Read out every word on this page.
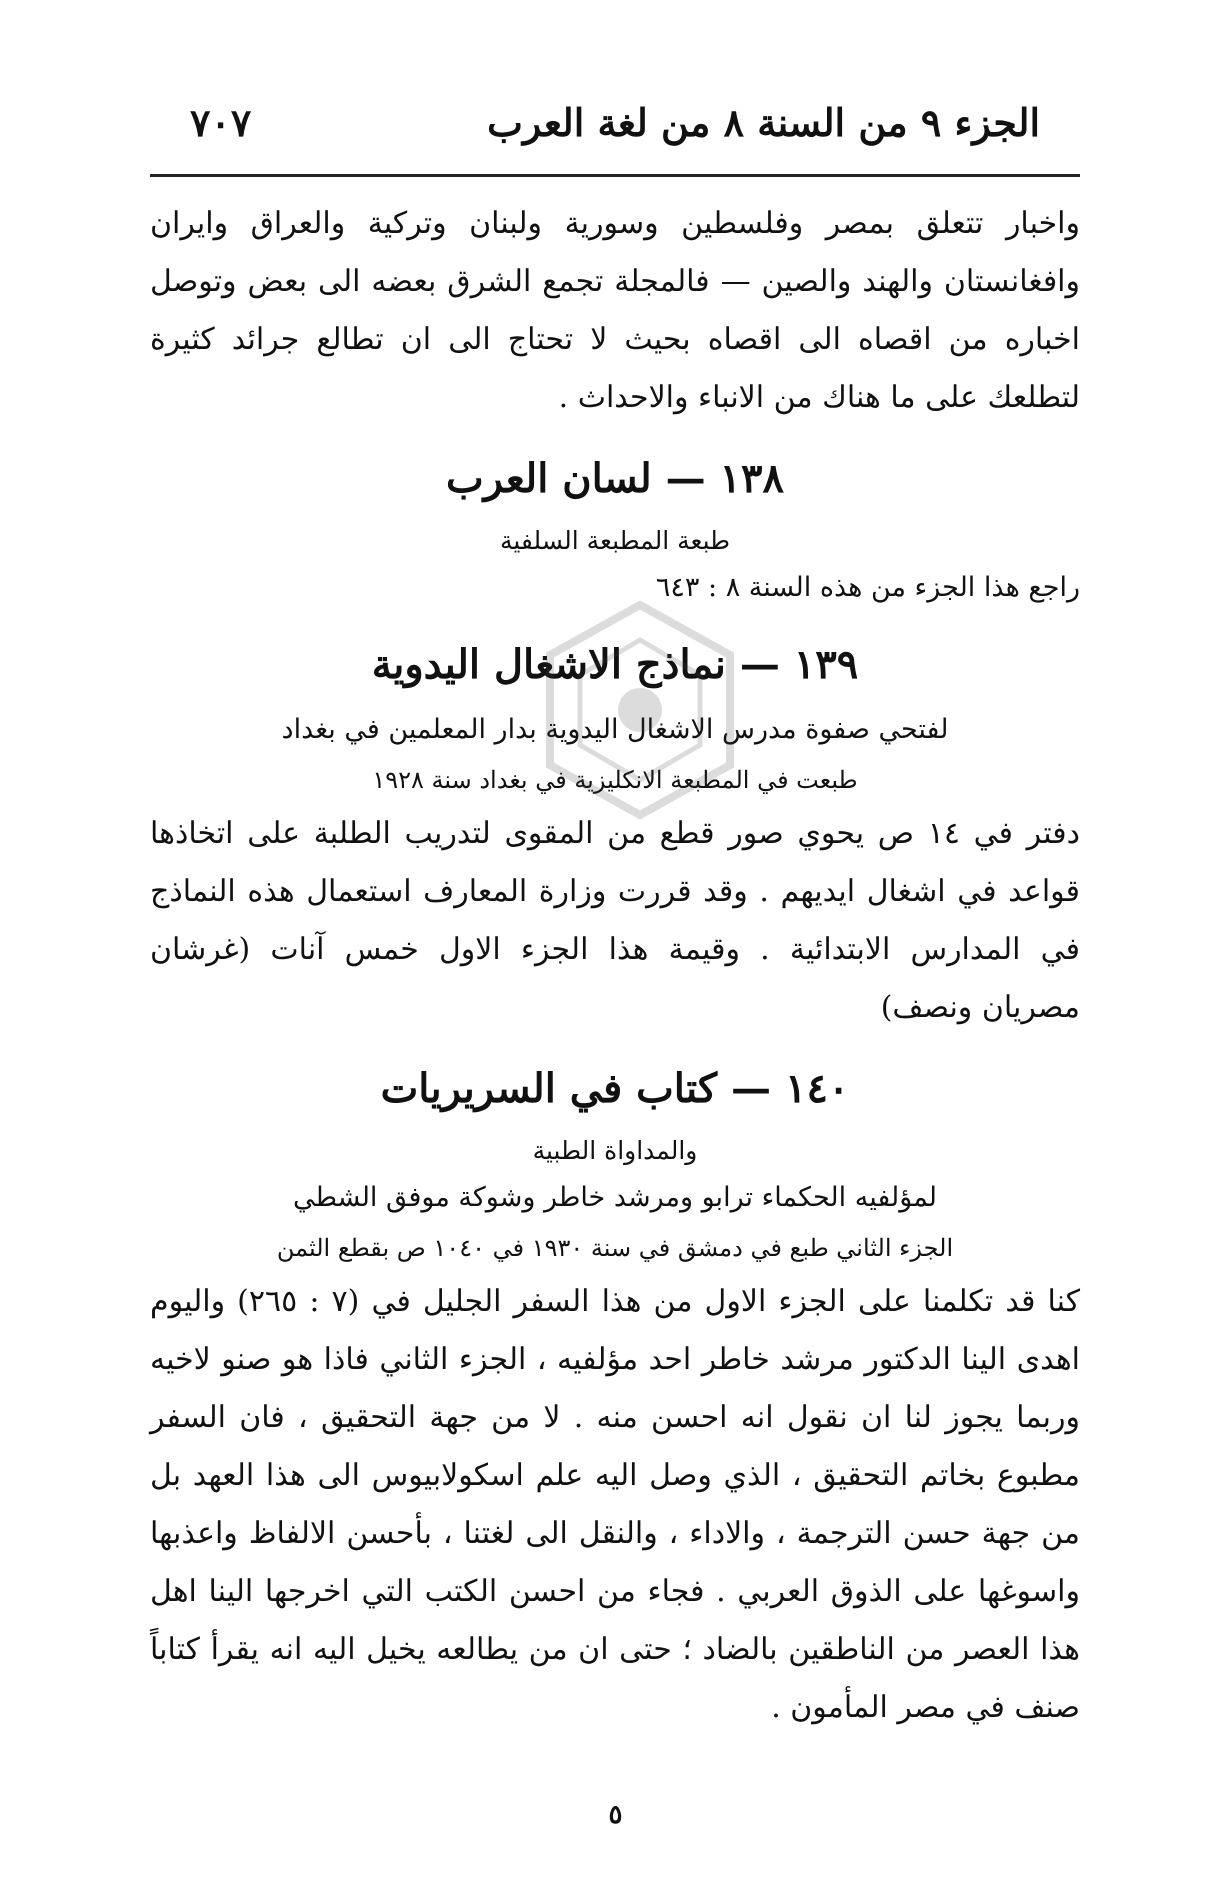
الجزء ٩ من السنة ٨ من لغة العرب
٧٠٧

واخبار تتعلق بمصر وفلسطين وسورية ولبنان وتركية والعراق وايران وافغانستان والهند والصين — فالمجلة تجمع الشرق بعضه الى بعض وتوصل اخباره من اقصاه الى اقصاه بحيث لا تحتاج الى ان تطالع جرائد كثيرة لتطلعك على ما هناك من الانباء والاحداث .

١٣٨ — لسان العرب

طبعة المطبعة السلفية

راجع هذا الجزء من هذه السنة ٨ : ٦٤٣

١٣٩ — نماذج الاشغال اليدوية

لفتحي صفوة مدرس الاشغال اليدوية بدار المعلمين في بغداد

طبعت في المطبعة الانكليزية في بغداد سنة ١٩٢٨

دفتر في ١٤ ص يحوي صور قطع من المقوى لتدريب الطلبة على اتخاذها قواعد في اشغال ايديهم . وقد قررت وزارة المعارف استعمال هذه النماذج في المدارس الابتدائية . وقيمة هذا الجزء الاول خمس آنات (غرشان مصريان ونصف)

١٤٠ — كتاب في السريريات

والمداواة الطبية

لمؤلفيه الحكماء ترابو ومرشد خاطر وشوكة موفق الشطي

الجزء الثاني طبع في دمشق في سنة ١٩٣٠ في ١٠٤٠ ص بقطع الثمن

كنا قد تكلمنا على الجزء الاول من هذا السفر الجليل في (٧ : ٢٦٥) واليوم اهدى الينا الدكتور مرشد خاطر احد مؤلفيه ، الجزء الثاني فاذا هو صنو لاخيه وربما يجوز لنا ان نقول انه احسن منه . لا من جهة التحقيق ، فان السفر مطبوع بخاتم التحقيق ، الذي وصل اليه علم اسكولابيوس الى هذا العهد بل من جهة حسن الترجمة ، والاداء ، والنقل الى لغتنا ، بأحسن الالفاظ واعذبها واسوغها على الذوق العربي . فجاء من احسن الكتب التي اخرجها الينا اهل هذا العصر من الناطقين بالضاد ؛ حتى ان من يطالعه يخيل اليه انه يقرأ كتاباً صنف في مصر المأمون .

٥
